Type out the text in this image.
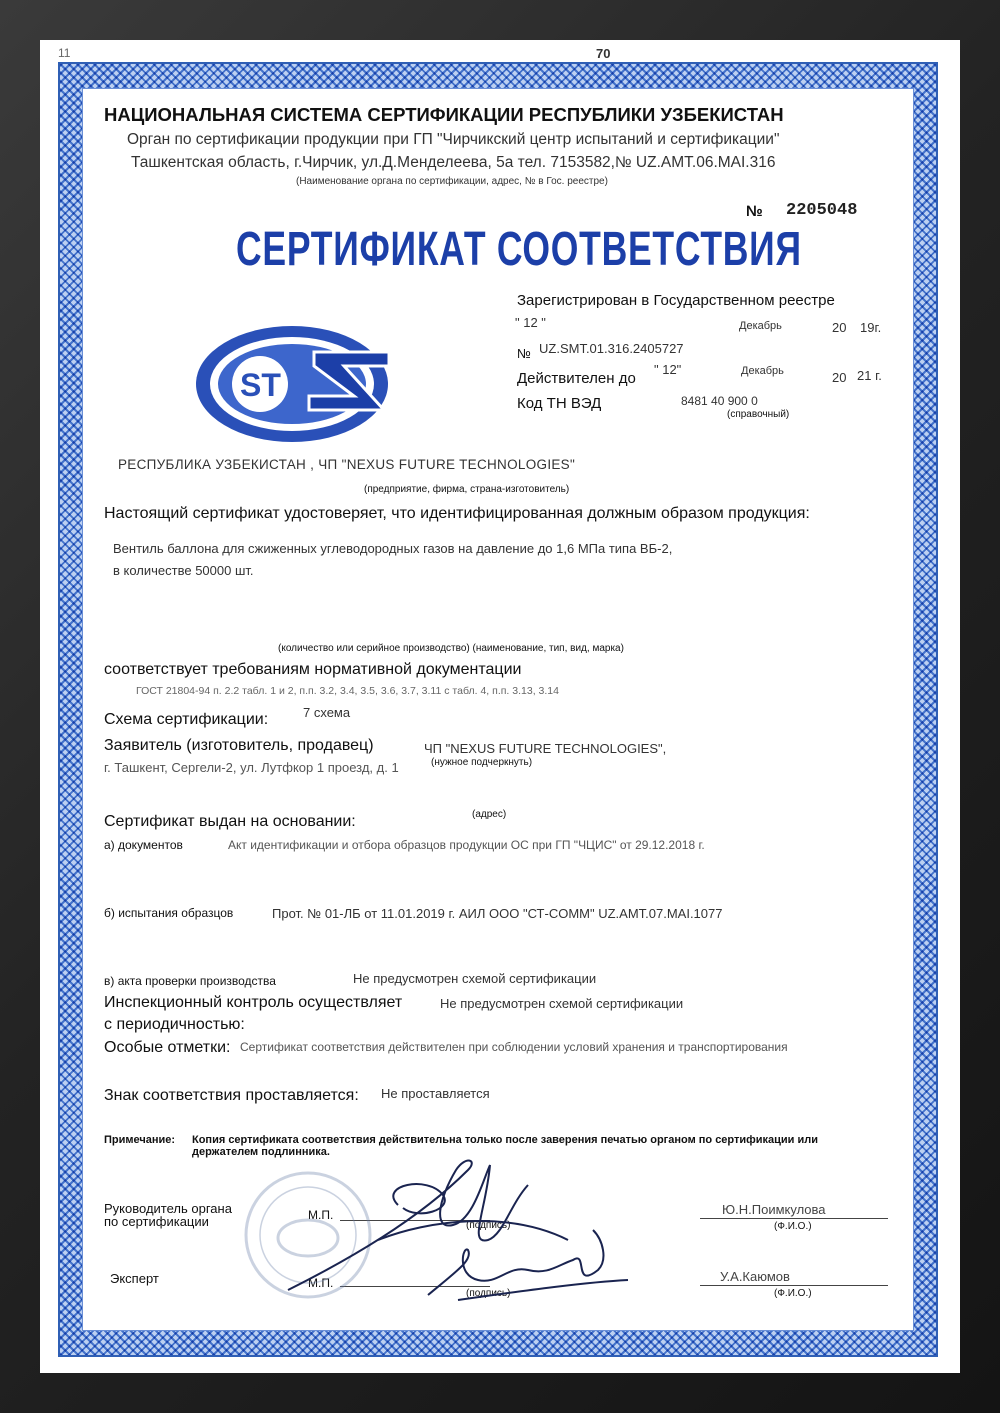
11	70
НАЦИОНАЛЬНАЯ СИСТЕМА СЕРТИФИКАЦИИ РЕСПУБЛИКИ УЗБЕКИСТАН
Орган по сертификации продукции при ГП "Чирчикский центр испытаний и сертификации"
Ташкентская область, г.Чирчик, ул.Д.Менделеева, 5а тел. 7153582,№ UZ.AMT.06.MAI.316
(Наименование органа по сертификации, адрес, № в Гос. реестре)
№ 2205048
СЕРТИФИКАТ СООТВЕТСТВИЯ
Зарегистрирован в Государственном реестре
" 12 "	Декабрь	20 19г.
№ UZ.SMT.01.316.2405727
Действителен до
" 12"	Декабрь	20 21 г.
Код ТН ВЭД	8481 40 900 0
(справочный)
ST
РЕСПУБЛИКА УЗБЕКИСТАН , ЧП "NEXUS FUTURE TECHNOLOGIES"
(предприятие, фирма, страна-изготовитель)
Настоящий сертификат удостоверяет, что идентифицированная должным образом продукция:
Вентиль баллона для сжиженных углеводородных газов на давление до 1,6 МПа типа ВБ-2,
в количестве 50000 шт.
(количество или серийное производство) (наименование, тип, вид, марка)
соответствует требованиям нормативной документации
ГОСТ 21804-94 п. 2.2 табл. 1 и 2, п.п. 3.2, 3.4, 3.5, 3.6, 3.7, 3.11 с табл. 4, п.п. 3.13, 3.14
Схема сертификации:	7 схема
Заявитель (изготовитель, продавец)	ЧП "NEXUS FUTURE TECHNOLOGIES",
(нужное подчеркнуть)
г. Ташкент, Сергели-2, ул. Лутфкор 1 проезд, д. 1
(адрес)
Сертификат выдан на основании:
а) документов	Акт идентификации и отбора образцов продукции ОС при ГП "ЧЦИС" от 29.12.2018 г.
б) испытания образцов	Прот. № 01-ЛБ от 11.01.2019 г. АИЛ ООО "СТ-COMM" UZ.AMT.07.MAI.1077
в) акта проверки производства	Не предусмотрен схемой сертификации
Инспекционный контроль осуществляет	Не предусмотрен схемой сертификации
с периодичностью:
Особые отметки: Сертификат соответствия действителен при соблюдении условий хранения и транспортирования
Знак соответствия проставляется: Не проставляется
Примечание: Копия сертификата соответствия действительна только после заверения печатью органом по сертификации или
держателем подлинника.
Руководитель органа
по сертификации	М.П.
(подпись)
Ю.Н.Поимкулова
(Ф.И.О.)
Эксперт	М.П.
(подпись)
У.А.Каюмов
(Ф.И.О.)
